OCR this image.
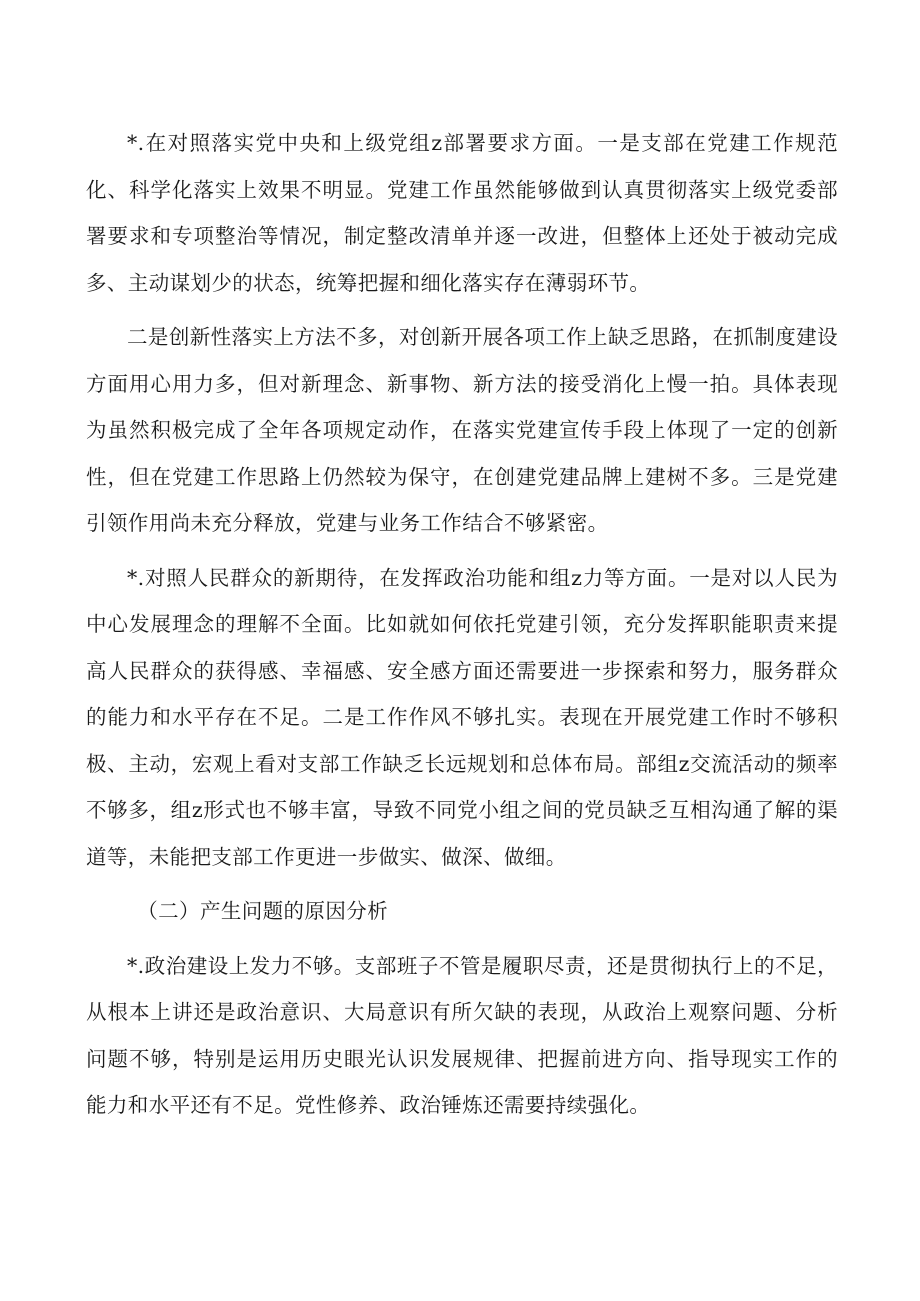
*.在对照落实党中央和上级党组z部署要求方面。一是支部在党建工作规范化、科学化落实上效果不明显。党建工作虽然能够做到认真贯彻落实上级党委部署要求和专项整治等情况，制定整改清单并逐一改进，但整体上还处于被动完成多、主动谋划少的状态，统筹把握和细化落实存在薄弱环节。

二是创新性落实上方法不多，对创新开展各项工作上缺乏思路，在抓制度建设方面用心用力多，但对新理念、新事物、新方法的接受消化上慢一拍。具体表现为虽然积极完成了全年各项规定动作，在落实党建宣传手段上体现了一定的创新性，但在党建工作思路上仍然较为保守，在创建党建品牌上建树不多。三是党建引领作用尚未充分释放，党建与业务工作结合不够紧密。

*.对照人民群众的新期待，在发挥政治功能和组z力等方面。一是对以人民为中心发展理念的理解不全面。比如就如何依托党建引领，充分发挥职能职责来提高人民群众的获得感、幸福感、安全感方面还需要进一步探索和努力，服务群众的能力和水平存在不足。二是工作作风不够扎实。表现在开展党建工作时不够积极、主动，宏观上看对支部工作缺乏长远规划和总体布局。部组z交流活动的频率不够多，组z形式也不够丰富，导致不同党小组之间的党员缺乏互相沟通了解的渠道等，未能把支部工作更进一步做实、做深、做细。

（二）产生问题的原因分析

*.政治建设上发力不够。支部班子不管是履职尽责，还是贯彻执行上的不足，从根本上讲还是政治意识、大局意识有所欠缺的表现，从政治上观察问题、分析问题不够，特别是运用历史眼光认识发展规律、把握前进方向、指导现实工作的能力和水平还有不足。党性修养、政治锤炼还需要持续强化。
